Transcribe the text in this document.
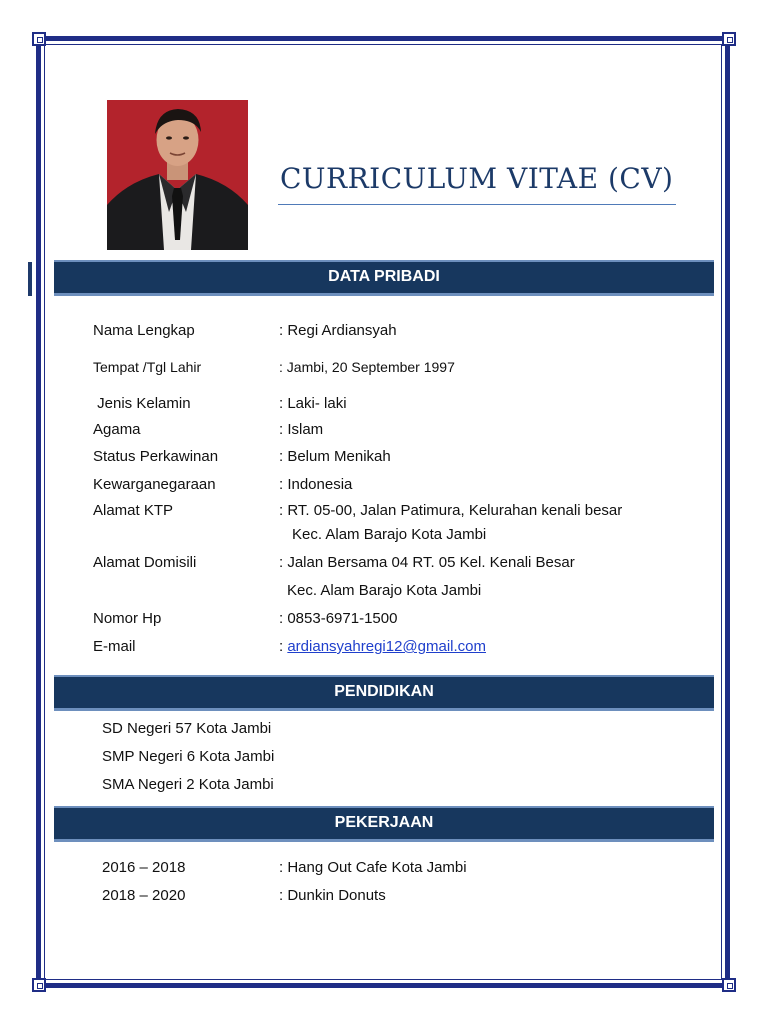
CURRICULUM VITAE (CV)
DATA PRIBADI
Nama Lengkap	: Regi Ardiansyah
Tempat /Tgl Lahir	: Jambi, 20 September 1997
Jenis Kelamin	: Laki- laki
Agama	: Islam
Status Perkawinan	: Belum Menikah
Kewarganegaraan	: Indonesia
Alamat KTP	: RT. 05-00, Jalan Patimura, Kelurahan kenali besar
Kec. Alam Barajo Kota Jambi
Alamat Domisili	: Jalan Bersama 04 RT. 05 Kel. Kenali Besar
Kec. Alam Barajo Kota Jambi
Nomor Hp	: 0853-6971-1500
E-mail	: ardiansyahregi12@gmail.com
PENDIDIKAN
SD Negeri 57 Kota Jambi
SMP Negeri 6 Kota Jambi
SMA Negeri 2 Kota Jambi
PEKERJAAN
2016 – 2018	: Hang Out Cafe Kota Jambi
2018 – 2020	: Dunkin Donuts
